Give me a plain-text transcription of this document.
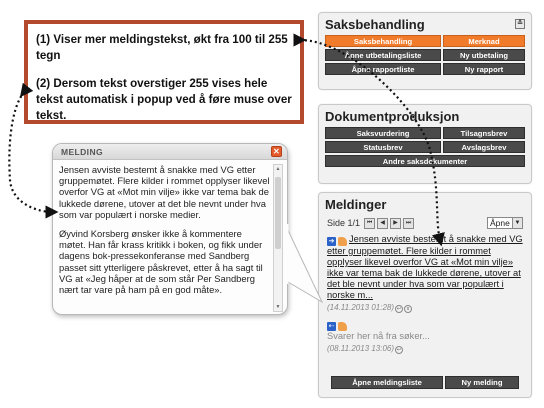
(1) Viser mer meldingstekst, økt fra 100 til 255 tegn

(2) Dersom tekst overstiger 255 vises hele tekst automatisk i popup ved å føre muse over tekst.

Saksbehandling	≚
Saksbehandling	Merknad
Åpne utbetalingsliste	Ny utbetaling
Åpne rapportliste	Ny rapport
Dokumentproduksjon
Saksvurdering	Tilsagnsbrev
Statusbrev	Avslagsbrev
Andre saksdokumenter
Meldinger
Side 1/1	⏮	◀	▶	⏭	Åpne ▼
➔ Jensen avviste bestemt å snakke med VG etter gruppemøtet. Flere kilder i rommet opplyser likevel overfor VG at «Mot min vilje» ikke var tema bak de lukkede dørene, utover at det ble nevnt under hva som var populært i norske m...
(14.11.2013 01:28) ↩ x
⇠
Svarer her nå fra søker...
(08.11.2013 13:06) ↩
Åpne meldingsliste	Ny melding
MELDING	✕

Jensen avviste bestemt å snakke med VG etter gruppemøtet. Flere kilder i rommet opplyser likevel overfor VG at «Mot min vilje» ikke var tema bak de lukkede dørene, utover at det ble nevnt under hva som var populært i norske medier.

Øyvind Korsberg ønsker ikke å kommentere møtet. Han får krass kritikk i boken, og fikk under dagens bok-pressekonferanse med Sandberg passet sitt ytterligere påskrevet, etter å ha sagt til VG at «Jeg håper at de som står Per Sandberg nært tar vare på ham på en god måte».

▲
▼
